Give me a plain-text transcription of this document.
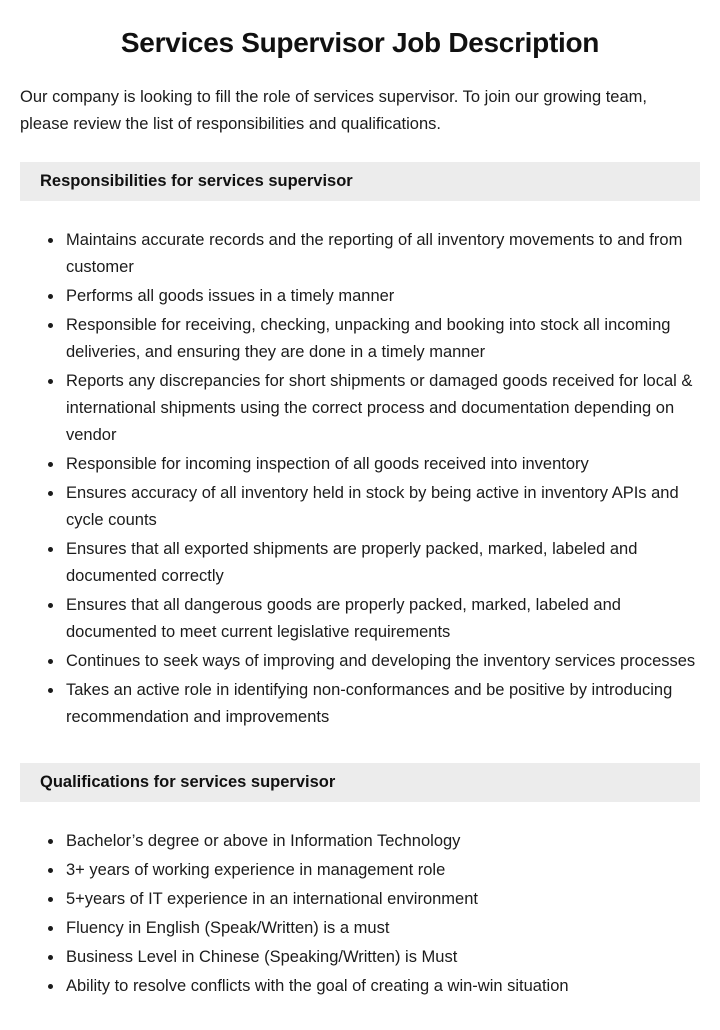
Services Supervisor Job Description

Our company is looking to fill the role of services supervisor. To join our growing team, please review the list of responsibilities and qualifications.

Responsibilities for services supervisor
• Maintains accurate records and the reporting of all inventory movements to and from customer
• Performs all goods issues in a timely manner
• Responsible for receiving, checking, unpacking and booking into stock all incoming deliveries, and ensuring they are done in a timely manner
• Reports any discrepancies for short shipments or damaged goods received for local & international shipments using the correct process and documentation depending on vendor
• Responsible for incoming inspection of all goods received into inventory
• Ensures accuracy of all inventory held in stock by being active in inventory APIs and cycle counts
• Ensures that all exported shipments are properly packed, marked, labeled and documented correctly
• Ensures that all dangerous goods are properly packed, marked, labeled and documented to meet current legislative requirements
• Continues to seek ways of improving and developing the inventory services processes
• Takes an active role in identifying non-conformances and be positive by introducing recommendation and improvements
Qualifications for services supervisor
• Bachelor’s degree or above in Information Technology
• 3+ years of working experience in management role
• 5+years of IT experience in an international environment
• Fluency in English (Speak/Written) is a must
• Business Level in Chinese (Speaking/Written) is Must
• Ability to resolve conflicts with the goal of creating a win-win situation
